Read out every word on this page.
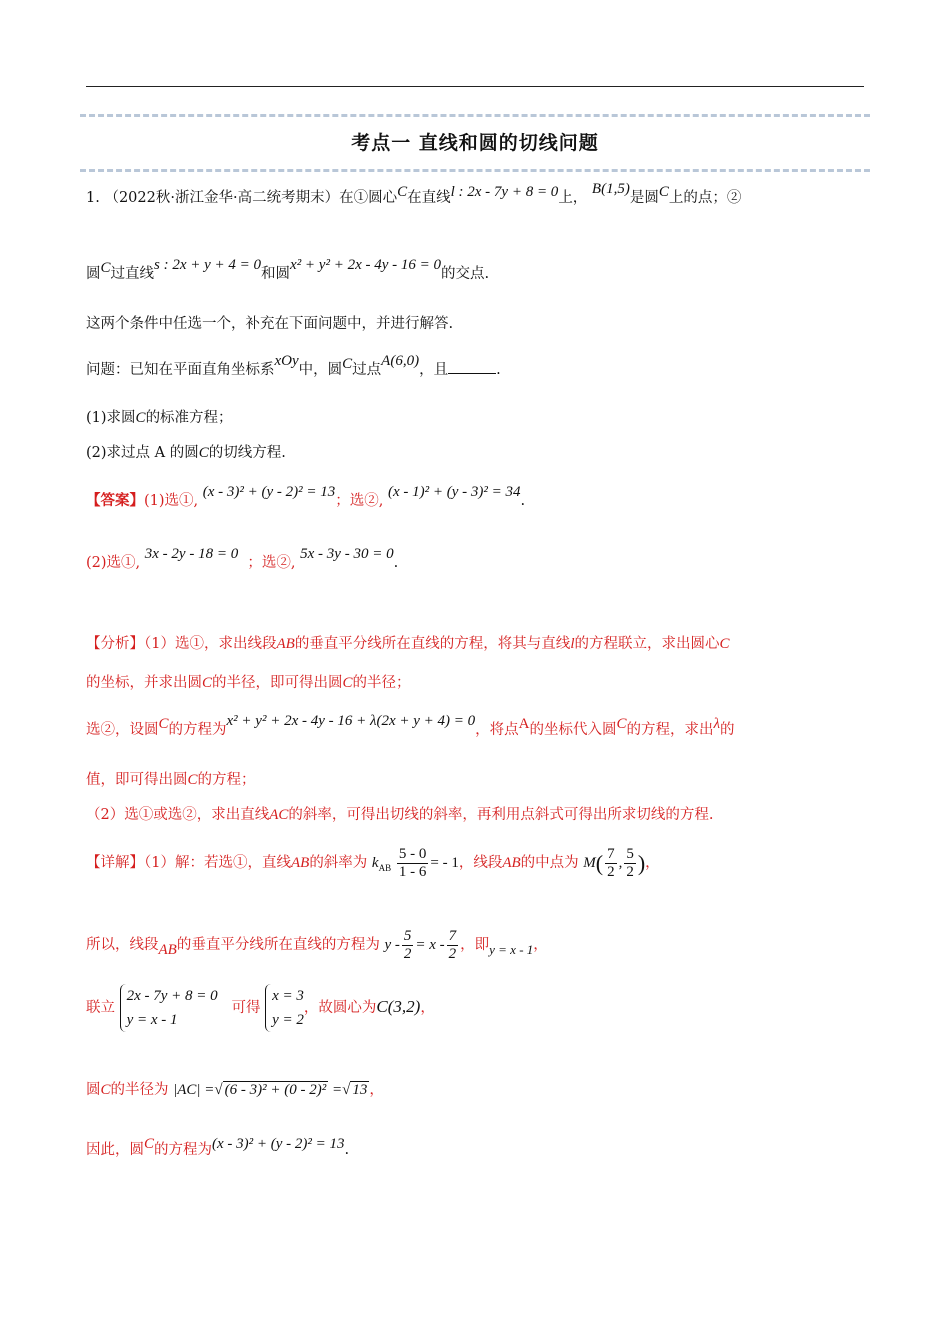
考点一 直线和圆的切线问题
1. （2022秋·浙江金华·高二统考期末）在①圆心C在直线l : 2x - 7y + 8 = 0上， B(1,5)是圆C上的点；②
圆C过直线s : 2x + y + 4 = 0和圆x² + y² + 2x - 4y - 16 = 0的交点.
这两个条件中任选一个，补充在下面问题中，并进行解答.
问题：已知在平面直角坐标系xOy中，圆C过点A(6,0)，且	.
(1)求圆C的标准方程；
(2)求过点 A 的圆C的切线方程.
【答案】(1)选①, (x - 3)² + (y - 2)² = 13；选②, (x - 1)² + (y - 3)² = 34.
(2)选①, 3x - 2y - 18 = 0  ；选②, 5x - 3y - 30 = 0.
【分析】（1）选①，求出线段AB的垂直平分线所在直线的方程，将其与直线l的方程联立，求出圆心C
的坐标，并求出圆C的半径，即可得出圆C的半径；
选②，设圆C的方程为x² + y² + 2x - 4y - 16 + λ(2x + y + 4) = 0，将点A的坐标代入圆C的方程，求出λ的
值，即可得出圆C的方程；
（2）选①或选②，求出直线AC的斜率，可得出切线的斜率，再利用点斜式可得出所求切线的方程.
【详解】（1）解：若选①，直线AB的斜率为 $k_{AB} \frac{5 - 0}{1 - 6}$ = - 1，线段AB的中点为 $M( \frac{7}{2}$ , $\frac{5}{2}$ )，
所以，线段AB的垂直平分线所在直线的方程为 $y - \frac{5}{2} = x - \frac{7}{2}$ ，即y = x - 1，
联立
2x - 7y + 8 = 0
y = x - 1
可得
x = 3
y = 2
，故圆心为C(3,2)，
圆C的半径为 |AC| =√ (6 - 3)² + (0 - 2)² =√ 13 ，
因此，圆C的方程为(x - 3)² + (y - 2)² = 13.
